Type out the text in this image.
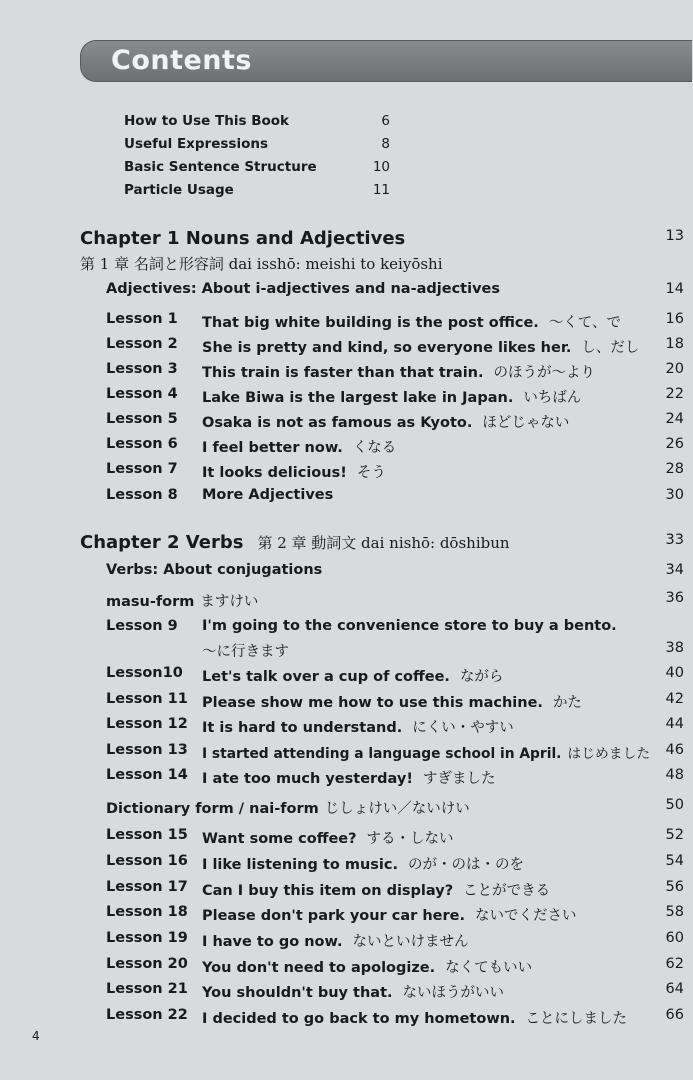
Contents
How to Use This Book	6
Useful Expressions	8
Basic Sentence Structure	10
Particle Usage	11
Chapter 1 Nouns and Adjectives	13
第 1 章 名詞と形容詞 dai isshō: meishi to keiyōshi
Adjectives: About i-adjectives and na-adjectives	14
Lesson 1 That big white building is the post office. 〜くて、で	16
Lesson 2 She is pretty and kind, so everyone likes her. し、だし	18
Lesson 3 This train is faster than that train. のほうが〜より	20
Lesson 4 Lake Biwa is the largest lake in Japan. いちばん	22
Lesson 5 Osaka is not as famous as Kyoto. ほどじゃない	24
Lesson 6 I feel better now. くなる	26
Lesson 7 It looks delicious! そう	28
Lesson 8 More Adjectives	30
Chapter 2 Verbs 第 2 章 動詞文 dai nishō: dōshibun	33
Verbs: About conjugations	34
masu-form ますけい	36
Lesson 9 I'm going to the convenience store to buy a bento.
〜に行きます	38
Lesson10 Let's talk over a cup of coffee. ながら	40
Lesson 11 Please show me how to use this machine. かた	42
Lesson 12 It is hard to understand. にくい・やすい	44
Lesson 13 I started attending a language school in April. はじめました	46
Lesson 14 I ate too much yesterday! すぎました	48
Dictionary form / nai-form じしょけい／ないけい	50
Lesson 15 Want some coffee? する・しない	52
Lesson 16 I like listening to music. のが・のは・のを	54
Lesson 17 Can I buy this item on display? ことができる	56
Lesson 18 Please don't park your car here. ないでください	58
Lesson 19 I have to go now. ないといけません	60
Lesson 20 You don't need to apologize. なくてもいい	62
Lesson 21 You shouldn't buy that. ないほうがいい	64
Lesson 22 I decided to go back to my hometown. ことにしました	66
4
